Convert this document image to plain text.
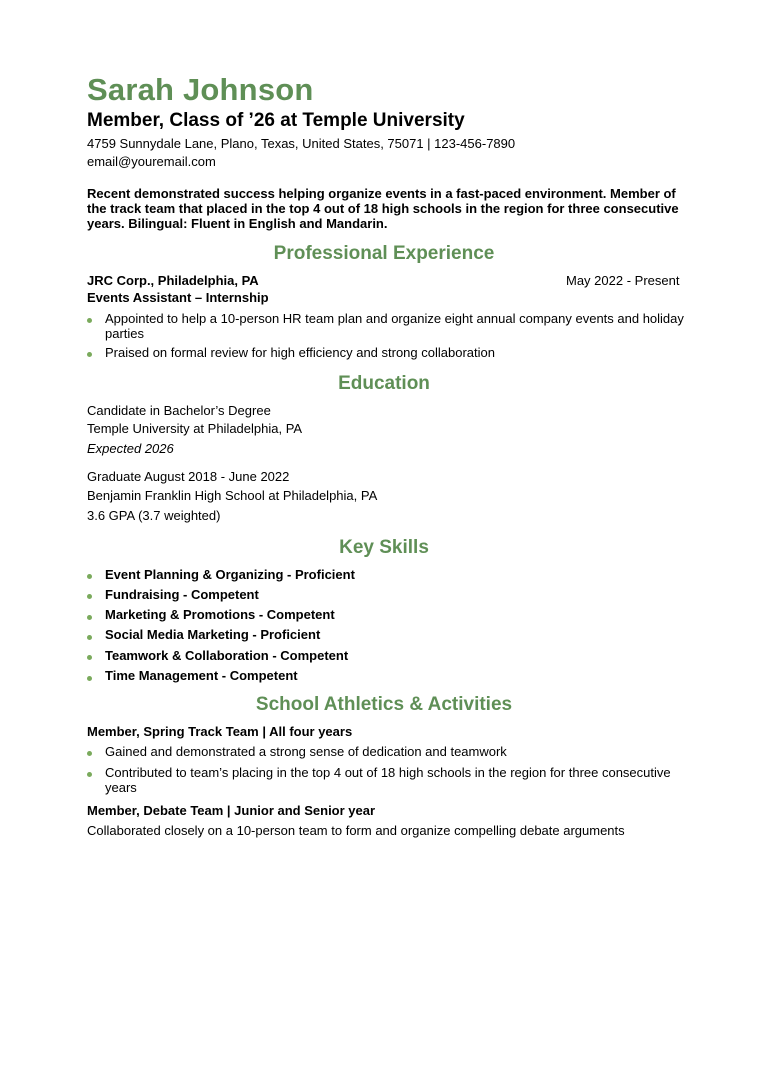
Sarah Johnson
Member, Class of ’26 at Temple University
4759 Sunnydale Lane, Plano, Texas, United States, 75071 | 123-456-7890
email@youremail.com
Recent demonstrated success helping organize events in a fast-paced environment. Member of the track team that placed in the top 4 out of 18 high schools in the region for three consecutive years. Bilingual: Fluent in English and Mandarin.
Professional Experience
JRC Corp., Philadelphia, PA	May 2022 - Present
Events Assistant – Internship
Appointed to help a 10-person HR team plan and organize eight annual company events and holiday parties
Praised on formal review for high efficiency and strong collaboration
Education
Candidate in Bachelor’s Degree
Temple University at Philadelphia, PA
Expected 2026
Graduate August 2018 - June 2022
Benjamin Franklin High School at Philadelphia, PA
3.6 GPA (3.7 weighted)
Key Skills
Event Planning & Organizing - Proficient
Fundraising - Competent
Marketing & Promotions - Competent
Social Media Marketing - Proficient
Teamwork & Collaboration - Competent
Time Management - Competent
School Athletics & Activities
Member, Spring Track Team | All four years
Gained and demonstrated a strong sense of dedication and teamwork
Contributed to team’s placing in the top 4 out of 18 high schools in the region for three consecutive years
Member, Debate Team | Junior and Senior year
Collaborated closely on a 10-person team to form and organize compelling debate arguments
